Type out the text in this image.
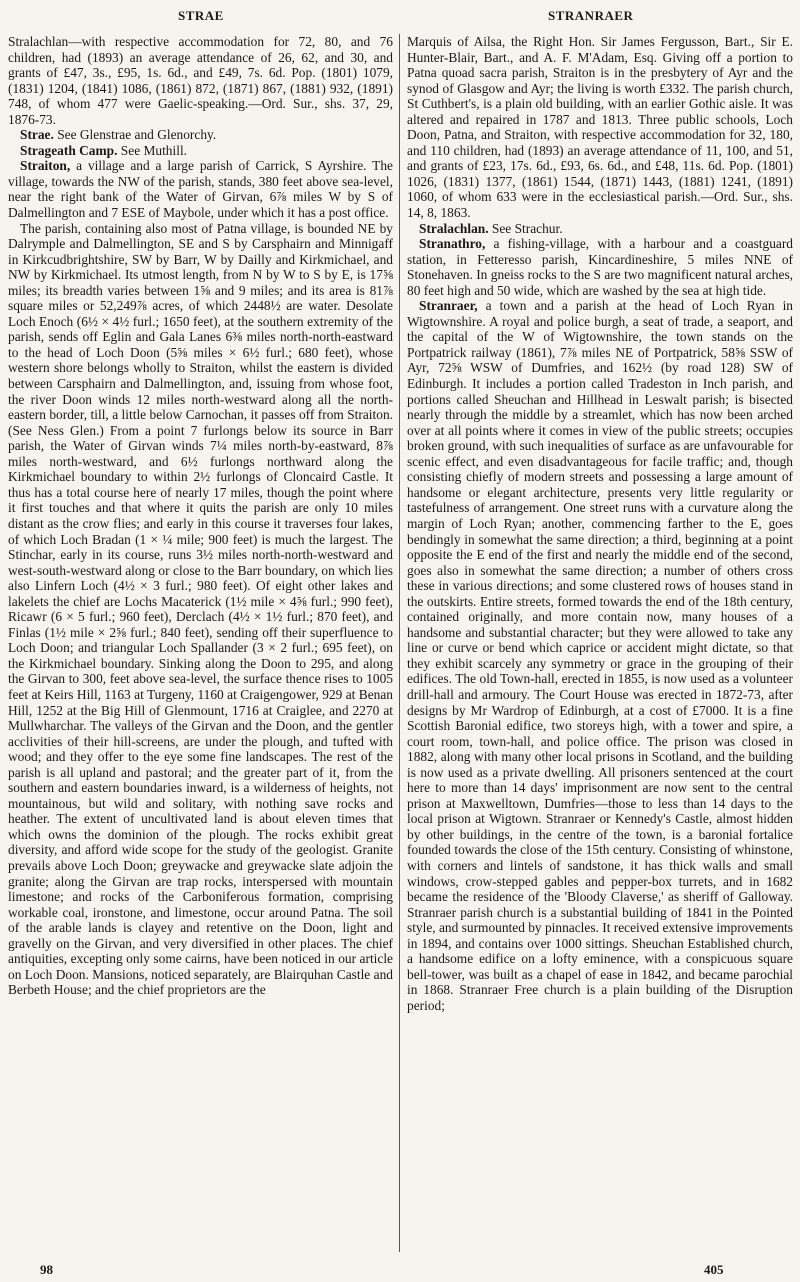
STRAE	STRANRAER

Stralachlan—with respective accommodation for 72, 80, and 76 children, had (1893) an average attendance of 26, 62, and 30, and grants of £47, 3s., £95, 1s. 6d., and £49, 7s. 6d. Pop. (1801) 1079, (1831) 1204, (1841) 1086, (1861) 872, (1871) 867, (1881) 932, (1891) 748, of whom 477 were Gaelic-speaking.—Ord. Sur., shs. 37, 29, 1876-73.

Strae. See Glenstrae and Glenorchy.

Strageath Camp. See Muthill.

Straiton, a village and a large parish of Carrick, S Ayrshire. The village, towards the NW of the parish, stands, 380 feet above sea-level, near the right bank of the Water of Girvan, 6⅞ miles W by S of Dalmellington and 7 ESE of Maybole, under which it has a post office.

The parish, containing also most of Patna village, is bounded NE by Dalrymple and Dalmellington, SE and S by Carsphairn and Minnigaff in Kirkcudbrightshire, SW by Barr, W by Dailly and Kirkmichael, and NW by Kirkmichael. Its utmost length, from N by W to S by E, is 17⅝ miles; its breadth varies between 1⅝ and 9 miles; and its area is 81⅞ square miles or 52,249⅞ acres, of which 2448½ are water. Desolate Loch Enoch (6½ × 4½ furl.; 1650 feet), at the southern extremity of the parish, sends off Eglin and Gala Lanes 6⅜ miles north-north-eastward to the head of Loch Doon (5⅝ miles × 6½ furl.; 680 feet), whose western shore belongs wholly to Straiton, whilst the eastern is divided between Carsphairn and Dalmellington, and, issuing from whose foot, the river Doon winds 12 miles north-westward along all the north-eastern border, till, a little below Carnochan, it passes off from Straiton. (See Ness Glen.) From a point 7 furlongs below its source in Barr parish, the Water of Girvan winds 7¼ miles north-by-eastward, 8⅞ miles north-westward, and 6½ furlongs northward along the Kirkmichael boundary to within 2½ furlongs of Cloncaird Castle. It thus has a total course here of nearly 17 miles, though the point where it first touches and that where it quits the parish are only 10 miles distant as the crow flies; and early in this course it traverses four lakes, of which Loch Bradan (1 × ¼ mile; 900 feet) is much the largest. The Stinchar, early in its course, runs 3½ miles north-north-westward and west-south-westward along or close to the Barr boundary, on which lies also Linfern Loch (4½ × 3 furl.; 980 feet). Of eight other lakes and lakelets the chief are Lochs Macaterick (1½ mile × 4⅝ furl.; 990 feet), Ricawr (6 × 5 furl.; 960 feet), Derclach (4½ × 1½ furl.; 870 feet), and Finlas (1½ mile × 2⅝ furl.; 840 feet), sending off their superfluence to Loch Doon; and triangular Loch Spallander (3 × 2 furl.; 695 feet), on the Kirkmichael boundary. Sinking along the Doon to 295, and along the Girvan to 300, feet above sea-level, the surface thence rises to 1005 feet at Keirs Hill, 1163 at Turgeny, 1160 at Craigengower, 929 at Benan Hill, 1252 at the Big Hill of Glenmount, 1716 at Craiglee, and 2270 at Mullwharchar. The valleys of the Girvan and the Doon, and the gentler acclivities of their hill-screens, are under the plough, and tufted with wood; and they offer to the eye some fine landscapes. The rest of the parish is all upland and pastoral; and the greater part of it, from the southern and eastern boundaries inward, is a wilderness of heights, not mountainous, but wild and solitary, with nothing save rocks and heather. The extent of uncultivated land is about eleven times that which owns the dominion of the plough. The rocks exhibit great diversity, and afford wide scope for the study of the geologist. Granite prevails above Loch Doon; greywacke and greywacke slate adjoin the granite; along the Girvan are trap rocks, interspersed with mountain limestone; and rocks of the Carboniferous formation, comprising workable coal, ironstone, and limestone, occur around Patna. The soil of the arable lands is clayey and retentive on the Doon, light and gravelly on the Girvan, and very diversified in other places. The chief antiquities, excepting only some cairns, have been noticed in our article on Loch Doon. Mansions, noticed separately, are Blairquhan Castle and Berbeth House; and the chief proprietors are the

Marquis of Ailsa, the Right Hon. Sir James Fergusson, Bart., Sir E. Hunter-Blair, Bart., and A. F. M'Adam, Esq. Giving off a portion to Patna quoad sacra parish, Straiton is in the presbytery of Ayr and the synod of Glasgow and Ayr; the living is worth £332. The parish church, St Cuthbert's, is a plain old building, with an earlier Gothic aisle. It was altered and repaired in 1787 and 1813. Three public schools, Loch Doon, Patna, and Straiton, with respective accommodation for 32, 180, and 110 children, had (1893) an average attendance of 11, 100, and 51, and grants of £23, 17s. 6d., £93, 6s. 6d., and £48, 11s. 6d. Pop. (1801) 1026, (1831) 1377, (1861) 1544, (1871) 1443, (1881) 1241, (1891) 1060, of whom 633 were in the ecclesiastical parish.—Ord. Sur., shs. 14, 8, 1863.

Stralachlan. See Strachur.

Stranathro, a fishing-village, with a harbour and a coastguard station, in Fetteresso parish, Kincardineshire, 5 miles NNE of Stonehaven. In gneiss rocks to the S are two magnificent natural arches, 80 feet high and 50 wide, which are washed by the sea at high tide.

Stranraer, a town and a parish at the head of Loch Ryan in Wigtownshire. A royal and police burgh, a seat of trade, a seaport, and the capital of the W of Wigtownshire, the town stands on the Portpatrick railway (1861), 7⅞ miles NE of Portpatrick, 58⅝ SSW of Ayr, 72⅝ WSW of Dumfries, and 162½ (by road 128) SW of Edinburgh. It includes a portion called Tradeston in Inch parish, and portions called Sheuchan and Hillhead in Leswalt parish; is bisected nearly through the middle by a streamlet, which has now been arched over at all points where it comes in view of the public streets; occupies broken ground, with such inequalities of surface as are unfavourable for scenic effect, and even disadvantageous for facile traffic; and, though consisting chiefly of modern streets and possessing a large amount of handsome or elegant architecture, presents very little regularity or tastefulness of arrangement. One street runs with a curvature along the margin of Loch Ryan; another, commencing farther to the E, goes bendingly in somewhat the same direction; a third, beginning at a point opposite the E end of the first and nearly the middle end of the second, goes also in somewhat the same direction; a number of others cross these in various directions; and some clustered rows of houses stand in the outskirts. Entire streets, formed towards the end of the 18th century, contained originally, and more contain now, many houses of a handsome and substantial character; but they were allowed to take any line or curve or bend which caprice or accident might dictate, so that they exhibit scarcely any symmetry or grace in the grouping of their edifices. The old Town-hall, erected in 1855, is now used as a volunteer drill-hall and armoury. The Court House was erected in 1872-73, after designs by Mr Wardrop of Edinburgh, at a cost of £7000. It is a fine Scottish Baronial edifice, two storeys high, with a tower and spire, a court room, town-hall, and police office. The prison was closed in 1882, along with many other local prisons in Scotland, and the building is now used as a private dwelling. All prisoners sentenced at the court here to more than 14 days' imprisonment are now sent to the central prison at Maxwelltown, Dumfries—those to less than 14 days to the local prison at Wigtown. Stranraer or Kennedy's Castle, almost hidden by other buildings, in the centre of the town, is a baronial fortalice founded towards the close of the 15th century. Consisting of whinstone, with corners and lintels of sandstone, it has thick walls and small windows, crow-stepped gables and pepper-box turrets, and in 1682 became the residence of the 'Bloody Claverse,' as sheriff of Galloway. Stranraer parish church is a substantial building of 1841 in the Pointed style, and surmounted by pinnacles. It received extensive improvements in 1894, and contains over 1000 sittings. Sheuchan Established church, a handsome edifice on a lofty eminence, with a conspicuous square bell-tower, was built as a chapel of ease in 1842, and became parochial in 1868. Stranraer Free church is a plain building of the Disruption period;

98	405
